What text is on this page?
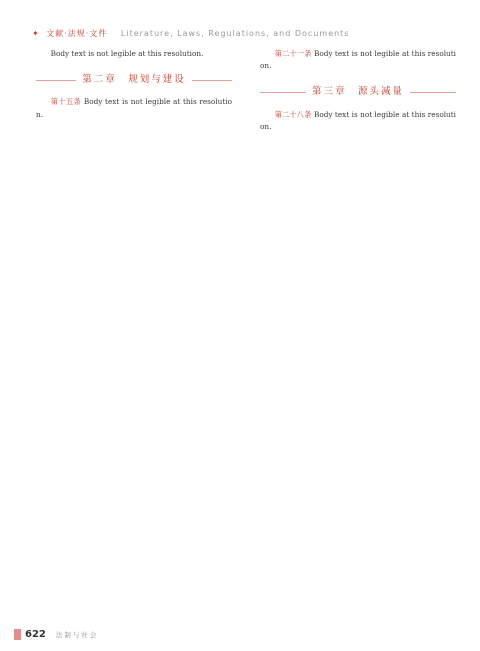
✦ 文献·法规·文件 Literature, Laws, Regulations, and Documents

Body text is not legible at this resolution.

第二章　规划与建设

第十五条 Body text is not legible at this resolution.

第二十一条 Body text is not legible at this resolution.

第三章　源头减量

第二十八条 Body text is not legible at this resolution.

622 法制与社会
